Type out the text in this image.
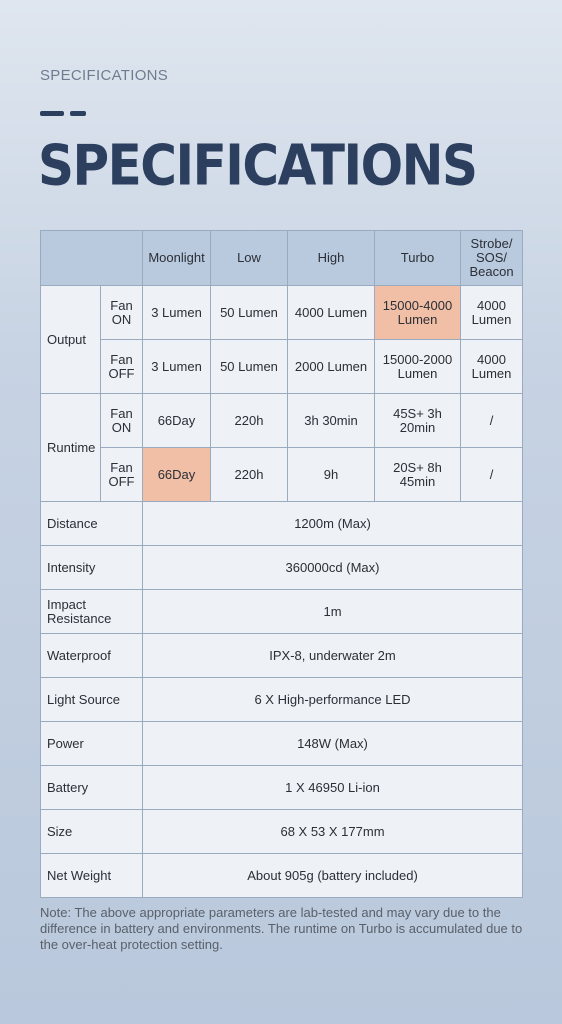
SPECIFICATIONS
SPECIFICATIONS
		Moonlight	Low	High	Turbo	Strobe/ SOS/ Beacon
Output	Fan ON	3 Lumen	50 Lumen	4000 Lumen	15000-4000 Lumen	4000 Lumen
	Fan OFF	3 Lumen	50 Lumen	2000 Lumen	15000-2000 Lumen	4000 Lumen
Runtime	Fan ON	66Day	220h	3h 30min	45S+ 3h 20min	/
	Fan OFF	66Day	220h	9h	20S+ 8h 45min	/
Distance		1200m (Max)				
Intensity		360000cd (Max)				
Impact Resistance		1m				
Waterproof		IPX-8, underwater 2m				
Light Source		6 X High-performance LED				
Power		148W (Max)				
Battery		1 X 46950 Li-ion				
Size		68 X 53 X 177mm				
Net Weight		About 905g (battery included)				
Note: The above appropriate parameters are lab-tested and may vary due to the difference in battery and environments. The runtime on Turbo is accumulated due to the over-heat protection setting.
